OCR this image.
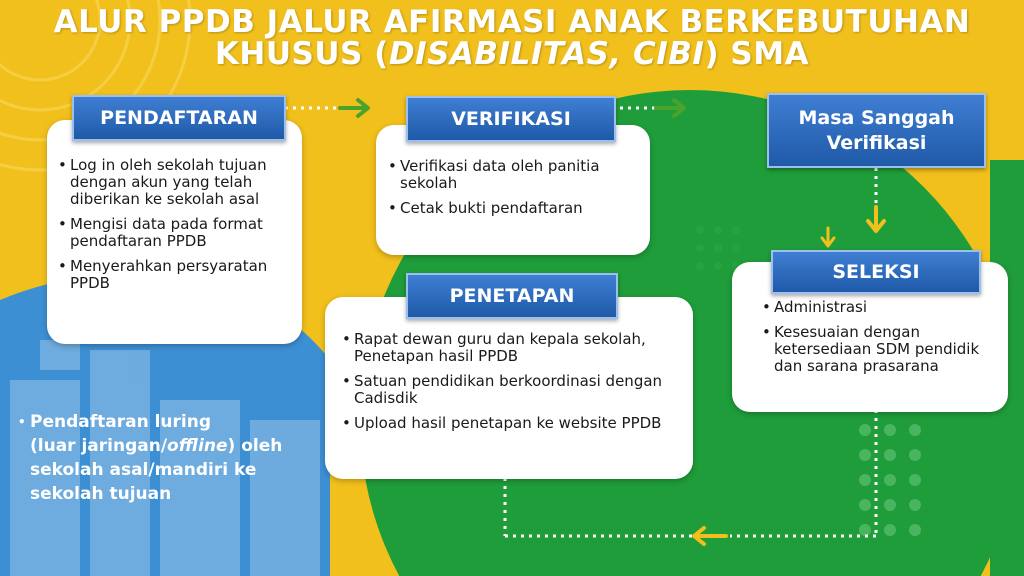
ALUR PPDB JALUR AFIRMASI ANAK BERKEBUTUHAN
KHUSUS (DISABILITAS, CIBI) SMA
PENDAFTARAN
• Log in oleh sekolah tujuan dengan akun yang telah diberikan ke sekolah asal
• Mengisi data pada format pendaftaran PPDB
• Menyerahkan persyaratan PPDB
VERIFIKASI
• Verifikasi data oleh panitia sekolah
• Cetak bukti pendaftaran
Masa Sanggah
Verifikasi
SELEKSI
• Administrasi
• Kesesuaian dengan ketersediaan SDM pendidik dan sarana prasarana
PENETAPAN
• Rapat dewan guru dan kepala sekolah, Penetapan hasil PPDB
• Satuan pendidikan berkoordinasi dengan Cadisdik
• Upload hasil penetapan ke website PPDB
• Pendaftaran luring
(luar jaringan/offline) oleh sekolah asal/mandiri ke sekolah tujuan
